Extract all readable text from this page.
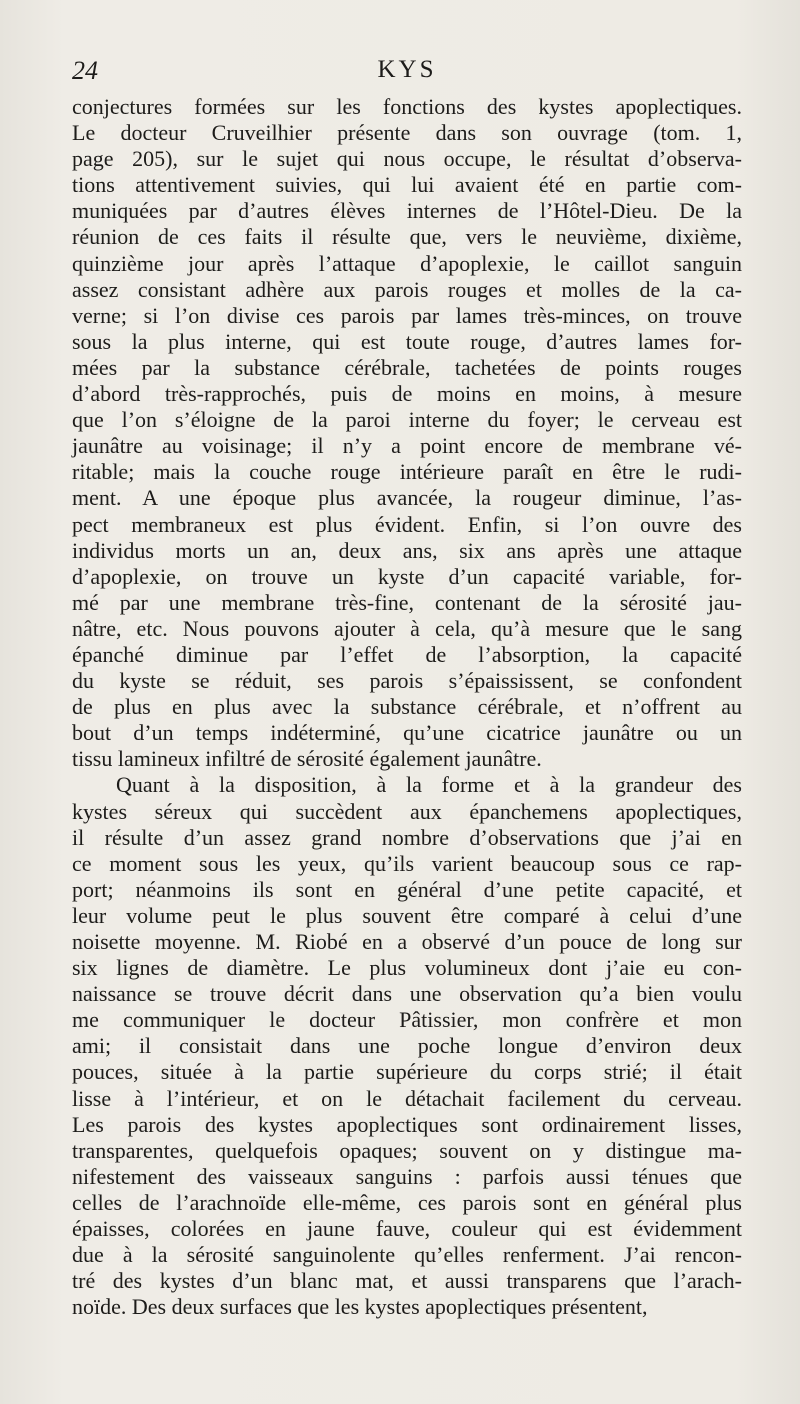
24	KYS
conjectures formées sur les fonctions des kystes apoplectiques.
Le docteur Cruveilhier présente dans son ouvrage (tom. 1,
page 205), sur le sujet qui nous occupe, le résultat d’observa-
tions attentivement suivies, qui lui avaient été en partie com-
muniquées par d’autres élèves internes de l’Hôtel-Dieu. De la
réunion de ces faits il résulte que, vers le neuvième, dixième,
quinzième jour après l’attaque d’apoplexie, le caillot sanguin
assez consistant adhère aux parois rouges et molles de la ca-
verne; si l’on divise ces parois par lames très-minces, on trouve
sous la plus interne, qui est toute rouge, d’autres lames for-
mées par la substance cérébrale, tachetées de points rouges
d’abord très-rapprochés, puis de moins en moins, à mesure
que l’on s’éloigne de la paroi interne du foyer; le cerveau est
jaunâtre au voisinage; il n’y a point encore de membrane vé-
ritable; mais la couche rouge intérieure paraît en être le rudi-
ment. A une époque plus avancée, la rougeur diminue, l’as-
pect membraneux est plus évident. Enfin, si l’on ouvre des
individus morts un an, deux ans, six ans après une attaque
d’apoplexie, on trouve un kyste d’un capacité variable, for-
mé par une membrane très-fine, contenant de la sérosité jau-
nâtre, etc. Nous pouvons ajouter à cela, qu’à mesure que le sang
épanché diminue par l’effet de l’absorption, la capacité
du kyste se réduit, ses parois s’épaississent, se confondent
de plus en plus avec la substance cérébrale, et n’offrent au
bout d’un temps indéterminé, qu’une cicatrice jaunâtre ou un
tissu lamineux infiltré de sérosité également jaunâtre.
Quant à la disposition, à la forme et à la grandeur des
kystes séreux qui succèdent aux épanchemens apoplectiques,
il résulte d’un assez grand nombre d’observations que j’ai en
ce moment sous les yeux, qu’ils varient beaucoup sous ce rap-
port; néanmoins ils sont en général d’une petite capacité, et
leur volume peut le plus souvent être comparé à celui d’une
noisette moyenne. M. Riobé en a observé d’un pouce de long sur
six lignes de diamètre. Le plus volumineux dont j’aie eu con-
naissance se trouve décrit dans une observation qu’a bien voulu
me communiquer le docteur Pâtissier, mon confrère et mon
ami; il consistait dans une poche longue d’environ deux
pouces, située à la partie supérieure du corps strié; il était
lisse à l’intérieur, et on le détachait facilement du cerveau.
Les parois des kystes apoplectiques sont ordinairement lisses,
transparentes, quelquefois opaques; souvent on y distingue ma-
nifestement des vaisseaux sanguins : parfois aussi ténues que
celles de l’arachnoïde elle-même, ces parois sont en général plus
épaisses, colorées en jaune fauve, couleur qui est évidemment
due à la sérosité sanguinolente qu’elles renferment. J’ai rencon-
tré des kystes d’un blanc mat, et aussi transparens que l’arach-
noïde. Des deux surfaces que les kystes apoplectiques présentent,
